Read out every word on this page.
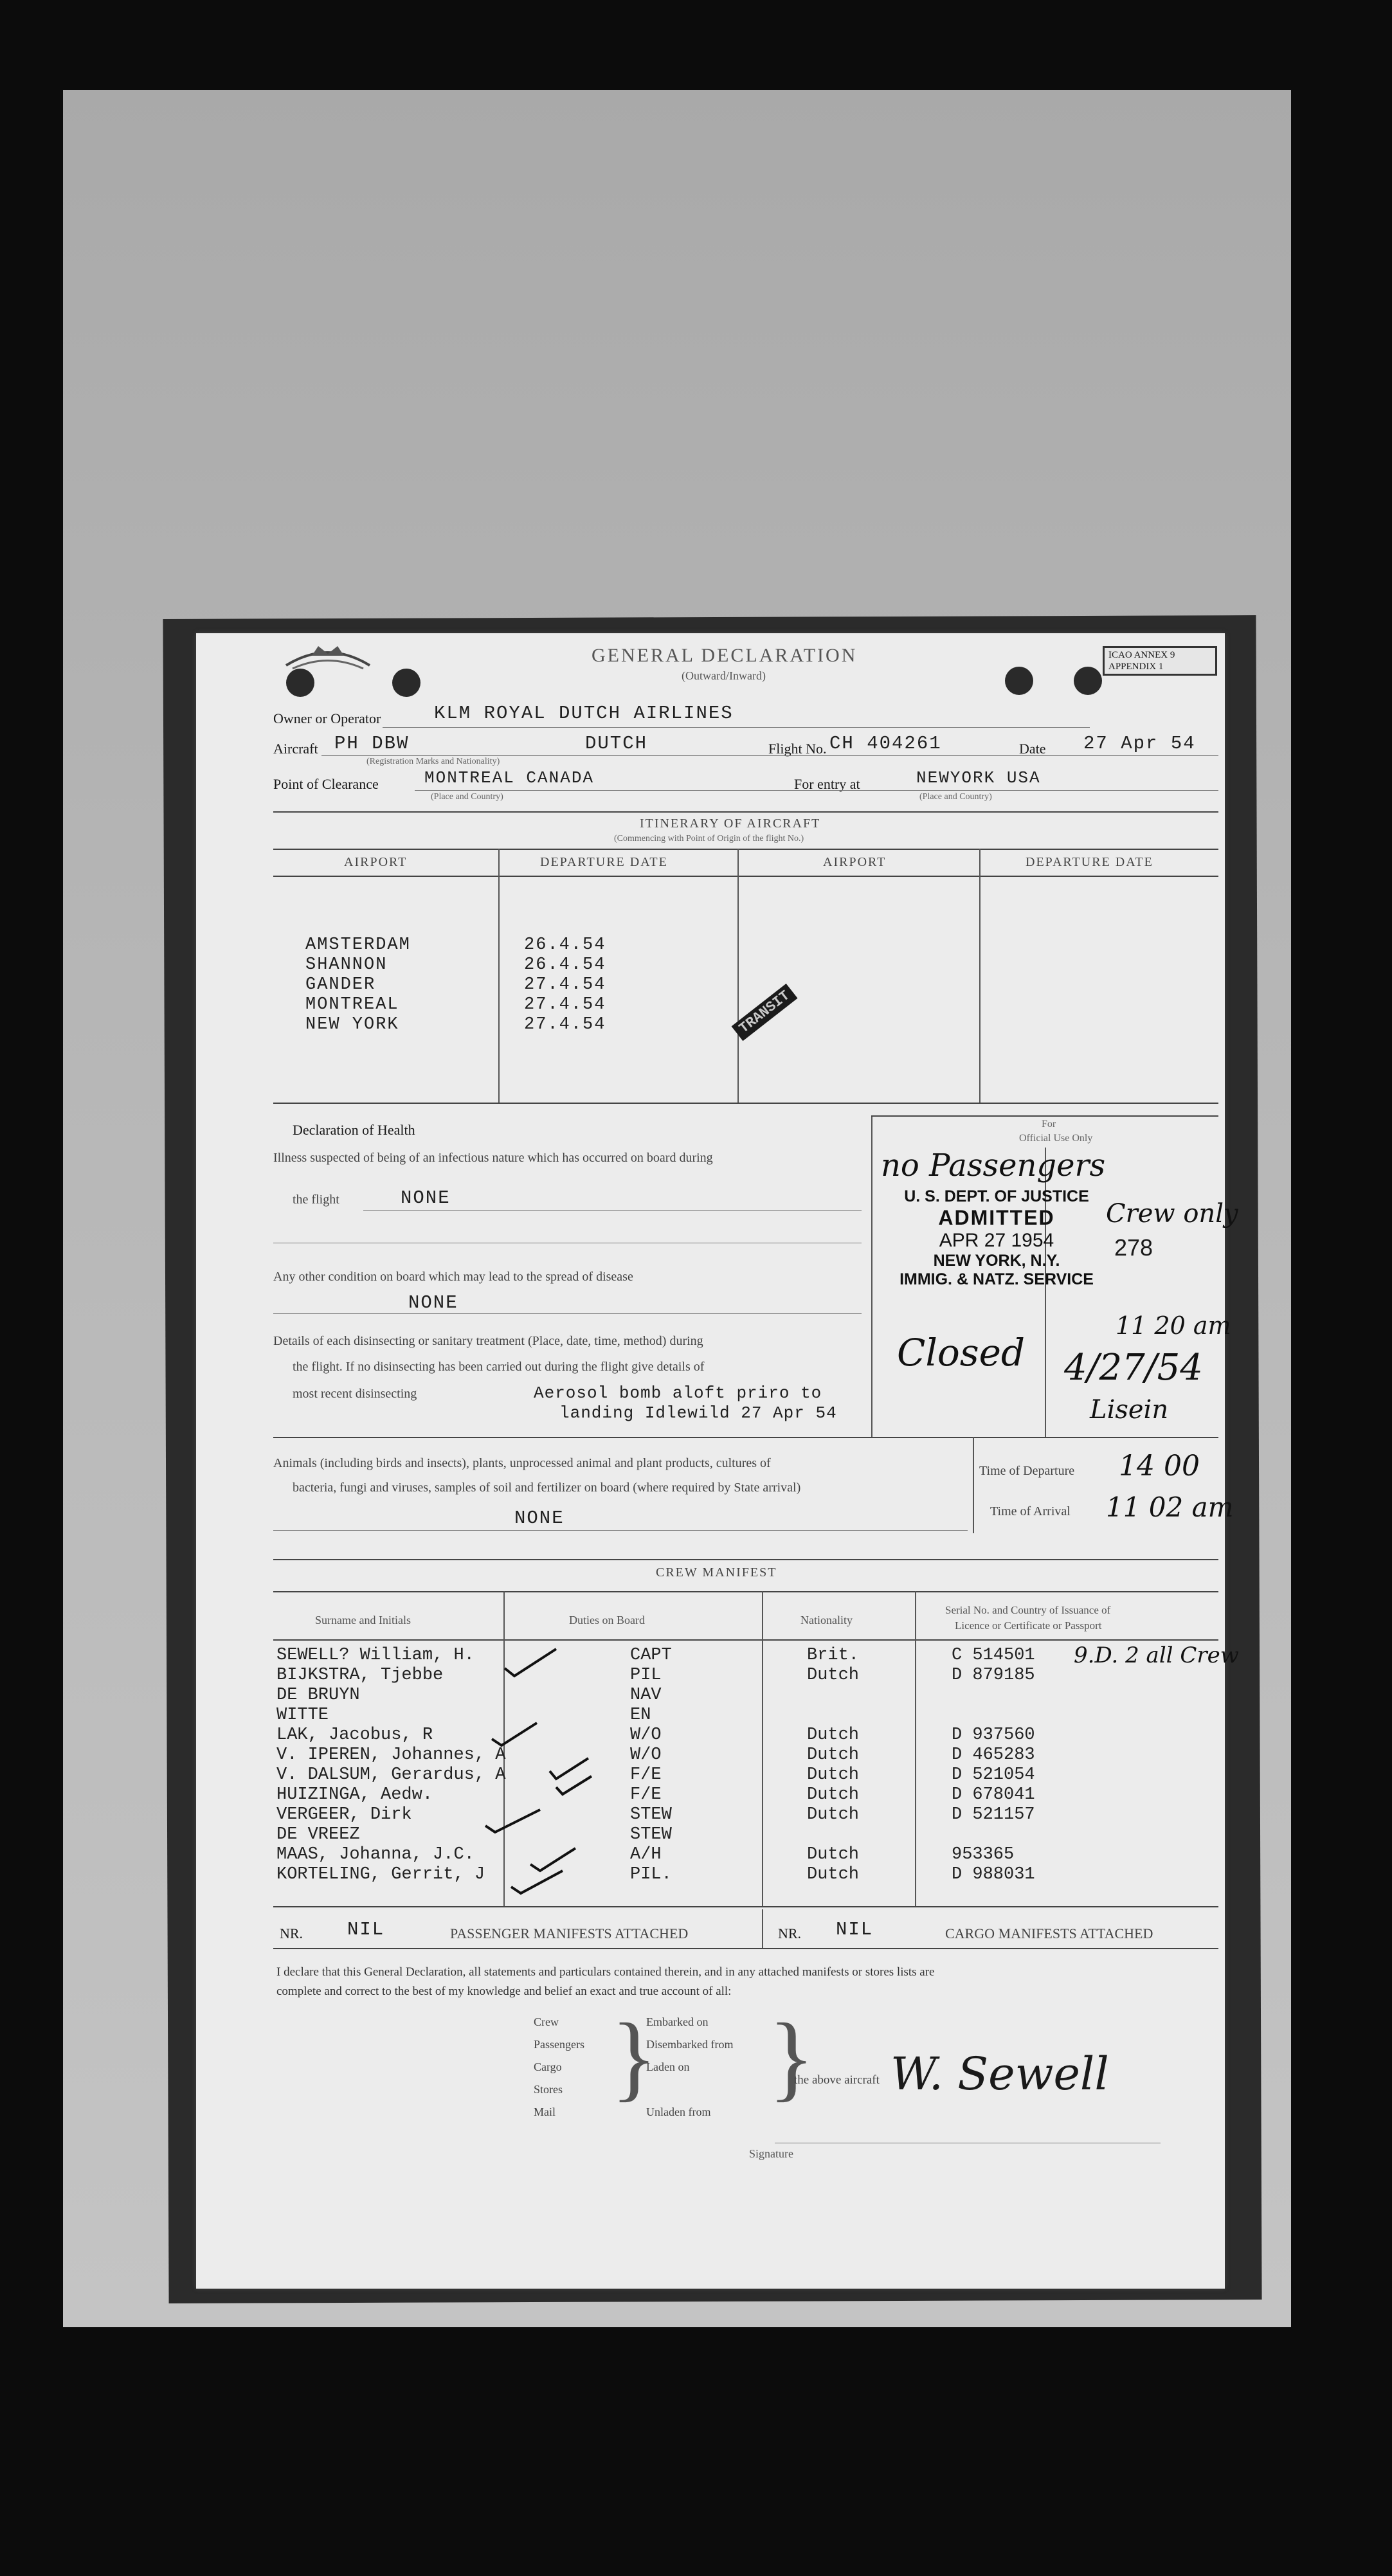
GENERAL DECLARATION
(Outward/Inward)
ICAO ANNEX 9
APPENDIX 1
Owner or Operator	KLM ROYAL DUTCH AIRLINES
Aircraft PH DBW	DUTCH
(Registration Marks and Nationality)
Flight No. CH 404261	Date 27 Apr 54
Point of Clearance	MONTREAL CANADA
(Place and Country)
For entry at	NEWYORK USA
(Place and Country)
ITINERARY OF AIRCRAFT
(Commencing with Point of Origin of the flight No.)
AIRPORT	DEPARTURE DATE	AIRPORT	DEPARTURE DATE
AMSTERDAM	26.4.54
SHANNON	26.4.54
GANDER	27.4.54
MONTREAL	27.4.54
NEW YORK	27.4.54	TRANSIT
Declaration of Health
Illness suspected of being of an infectious nature which has occurred on board during
the flight	NONE
Any other condition on board which may lead to the spread of disease
NONE
Details of each disinsecting or sanitary treatment (Place, date, time, method) during
the flight. If no disinsecting has been carried out during the flight give details of
most recent disinsecting	Aerosol bomb aloft priro to
landing Idlewild 27 Apr 54
For
Official Use Only
no Passengers
U. S. DEPT. OF JUSTICE
ADMITTED
APR 27 1954
NEW YORK, N.Y.
IMMIG. & NATZ. SERVICE
Crew only
278
Closed
11 20 am
4/27/54
Lisein
Animals (including birds and insects), plants, unprocessed animal and plant products, cultures of
bacteria, fungi and viruses, samples of soil and fertilizer on board (where required by State arrival)
NONE
Time of Departure 14 00
Time of Arrival 11 02 am
CREW MANIFEST
Surname and Initials	Duties on Board	Nationality
Serial No. and Country of Issuance of
Licence or Certificate or Passport
9.D. 2 all Crew
SEWELL? William, H.	CAPT	Brit.	C 514501
BIJKSTRA, Tjebbe	PIL	Dutch	D 879185
DE BRUYN	NAV
WITTE	EN
LAK, Jacobus, R	W/O	Dutch	D 937560
V. IPEREN, Johannes, A	W/O	Dutch	D 465283
V. DALSUM, Gerardus, A	F/E	Dutch	D 521054
HUIZINGA, Aedw.	F/E	Dutch	D 678041
VERGEER, Dirk	STEW	Dutch	D 521157
DE VREEZ	STEW
MAAS, Johanna, J.C.	A/H	Dutch	953365
KORTELING, Gerrit, J	PIL.	Dutch	D 988031
NR. NIL	PASSENGER MANIFESTS ATTACHED	NR. NIL	CARGO MANIFESTS ATTACHED
I declare that this General Declaration, all statements and particulars contained therein, and in any attached manifests or stores lists are
complete and correct to the best of my knowledge and belief an exact and true account of all:
Crew
Passengers
Cargo
Stores
Mail
Embarked on
Disembarked from
Laden on
Unladen from
} }
the above aircraft W. Sewell
Signature
